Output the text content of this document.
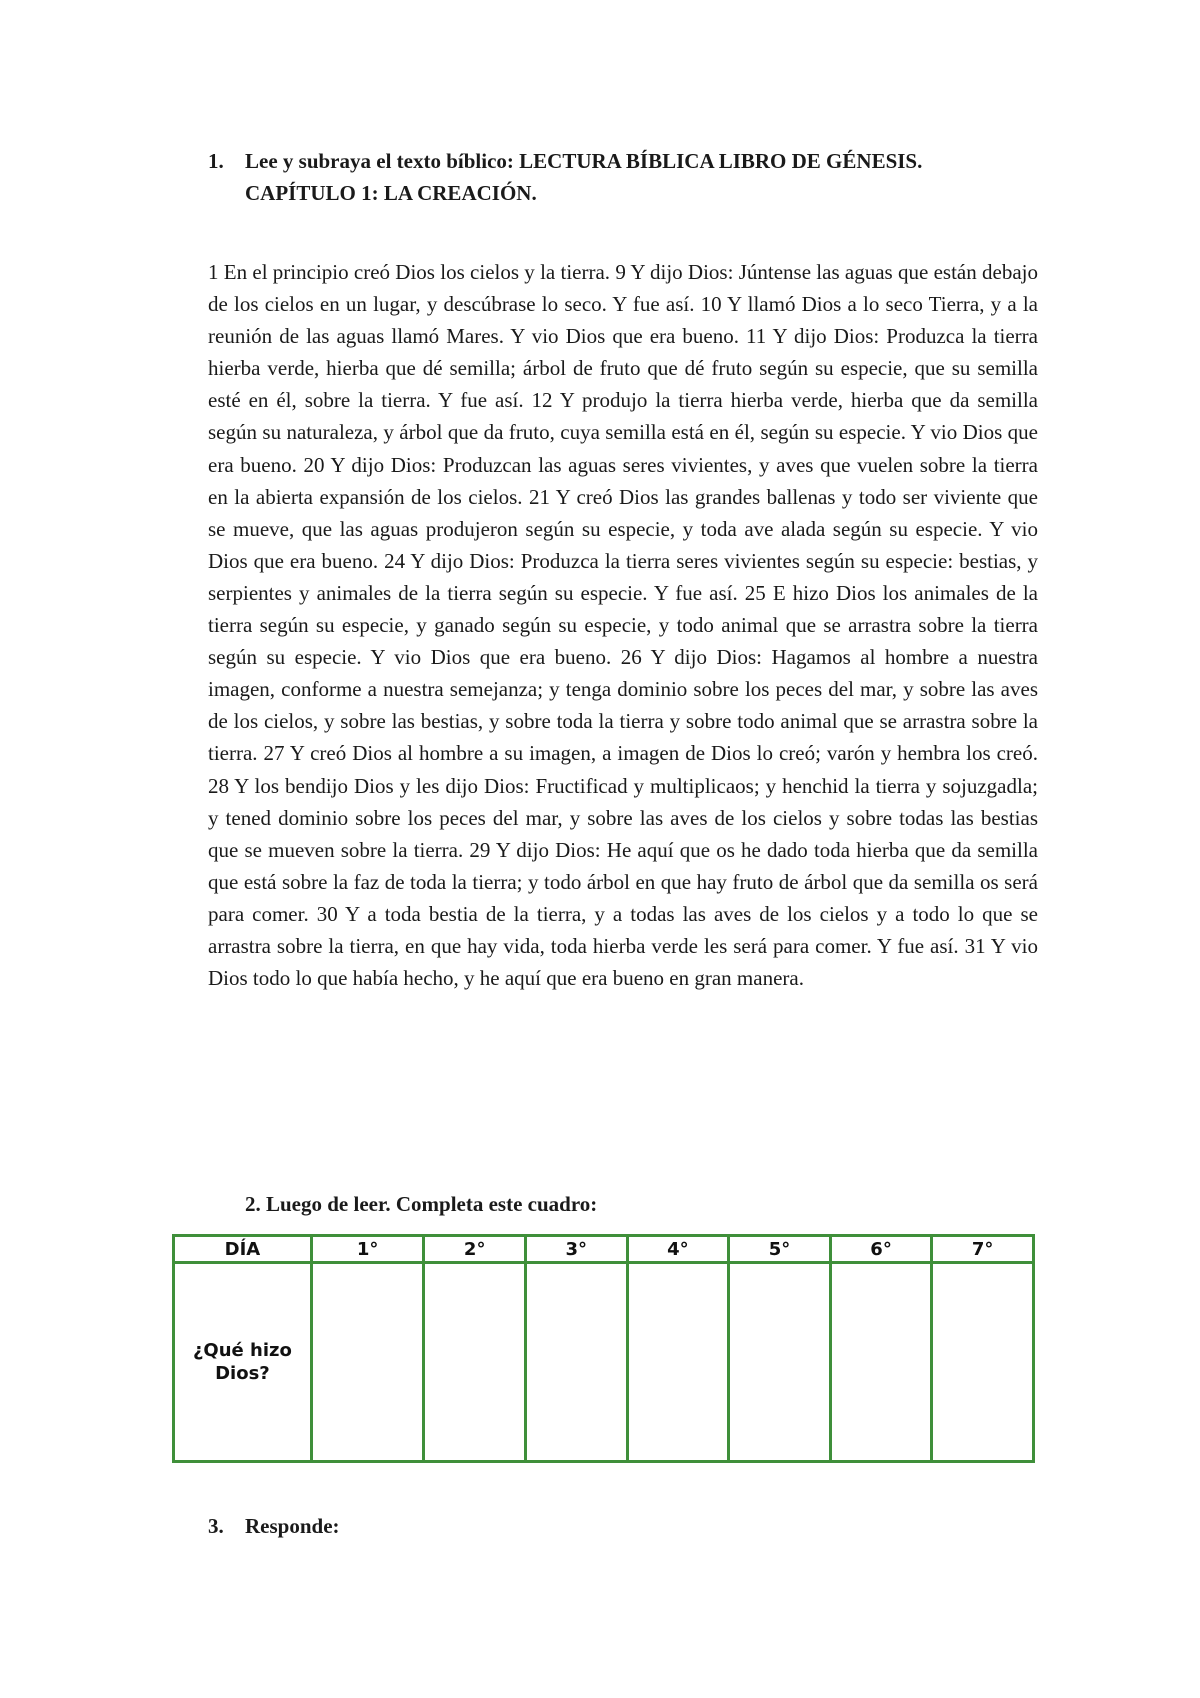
1. Lee y subraya el texto bíblico: LECTURA BÍBLICA LIBRO DE GÉNESIS.
CAPÍTULO 1: LA CREACIÓN.
1 En el principio creó Dios los cielos y la tierra. 9 Y dijo Dios: Júntense las aguas que están debajo de los cielos en un lugar, y descúbrase lo seco. Y fue así. 10 Y llamó Dios a lo seco Tierra, y a la reunión de las aguas llamó Mares. Y vio Dios que era bueno. 11 Y dijo Dios: Produzca la tierra hierba verde, hierba que dé semilla; árbol de fruto que dé fruto según su especie, que su semilla esté en él, sobre la tierra. Y fue así. 12 Y produjo la tierra hierba verde, hierba que da semilla según su naturaleza, y árbol que da fruto, cuya semilla está en él, según su especie. Y vio Dios que era bueno. 20 Y dijo Dios: Produzcan las aguas seres vivientes, y aves que vuelen sobre la tierra en la abierta expansión de los cielos. 21 Y creó Dios las grandes ballenas y todo ser viviente que se mueve, que las aguas produjeron según su especie, y toda ave alada según su especie. Y vio Dios que era bueno. 24 Y dijo Dios: Produzca la tierra seres vivientes según su especie: bestias, y serpientes y animales de la tierra según su especie. Y fue así. 25 E hizo Dios los animales de la tierra según su especie, y ganado según su especie, y todo animal que se arrastra sobre la tierra según su especie. Y vio Dios que era bueno. 26 Y dijo Dios: Hagamos al hombre a nuestra imagen, conforme a nuestra semejanza; y tenga dominio sobre los peces del mar, y sobre las aves de los cielos, y sobre las bestias, y sobre toda la tierra y sobre todo animal que se arrastra sobre la tierra. 27 Y creó Dios al hombre a su imagen, a imagen de Dios lo creó; varón y hembra los creó. 28 Y los bendijo Dios y les dijo Dios: Fructificad y multiplicaos; y henchid la tierra y sojuzgadla; y tened dominio sobre los peces del mar, y sobre las aves de los cielos y sobre todas las bestias que se mueven sobre la tierra. 29 Y dijo Dios: He aquí que os he dado toda hierba que da semilla que está sobre la faz de toda la tierra; y todo árbol en que hay fruto de árbol que da semilla os será para comer. 30 Y a toda bestia de la tierra, y a todas las aves de los cielos y a todo lo que se arrastra sobre la tierra, en que hay vida, toda hierba verde les será para comer. Y fue así. 31 Y vio Dios todo lo que había hecho, y he aquí que era bueno en gran manera.
2. Luego de leer. Completa este cuadro:
DÍA	1°	2°	3°	4°	5°	6°	7°
¿Qué hizo Dios?							
3. Responde:
